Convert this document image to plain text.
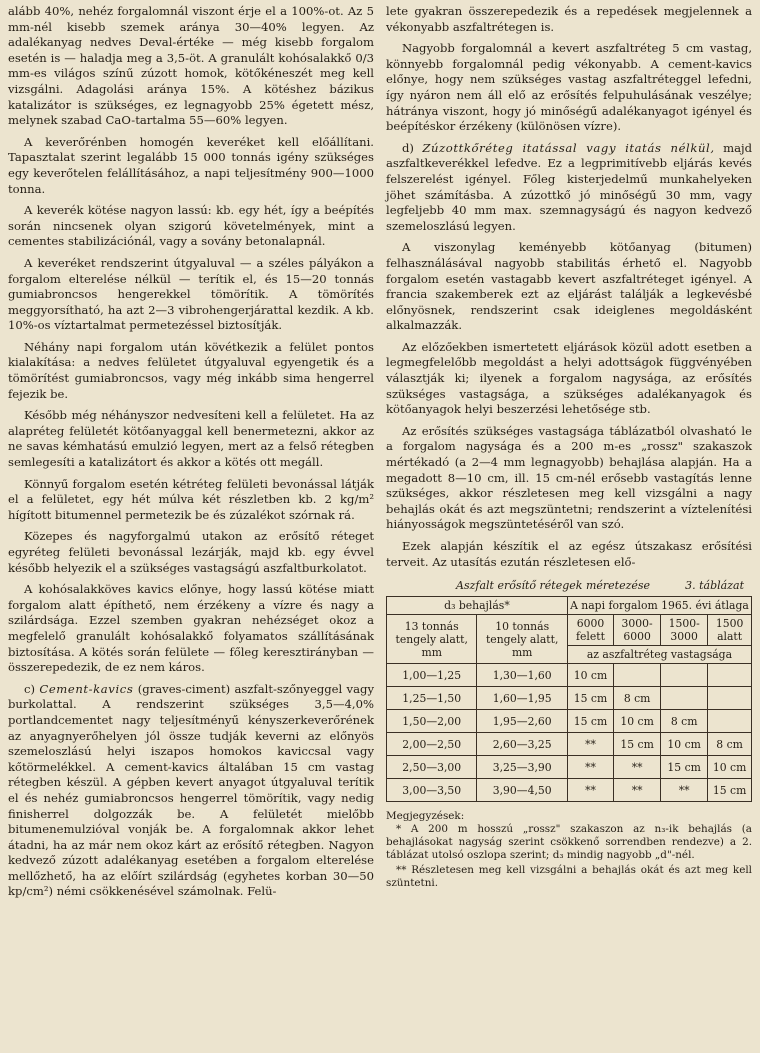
alább 40%, nehéz forgalomnál viszont érje el a 100%-ot. Az 5 mm-nél kisebb szemek aránya 30—40% legyen. Az adalékanyag nedves Deval-értéke — még kisebb forgalom esetén is — haladja meg a 3,5-öt. A granulált kohósalakkő 0/3 mm-es világos színű zúzott homok, kötőkéneszét meg kell vizsgálni. Adagolási aránya 15%. A kötéshez bázikus katalizátor is szükséges, ez legnagyobb 25% égetett mész, melynek szabad CaO-tartalma 55—60% legyen.

A keverőrénben homogén keveréket kell előállítani. Tapasztalat szerint legalább 15 000 tonnás igény szükséges egy keverőtelen felállításához, a napi teljesítmény 900—1000 tonna.

A keverék kötése nagyon lassú: kb. egy hét, így a beépítés során nincsenek olyan szigorú követelmények, mint a cementes stabilizációnál, vagy a sovány betonalapnál.

A keveréket rendszerint útgyaluval — a széles pályákon a forgalom elterelése nélkül — terítik el, és 15—20 tonnás gumiabroncsos hengerekkel tömörítik. A tömörítés meggyorsítható, ha azt 2—3 vibrohengerjárattal kezdik. A kb. 10%-os víztartalmat permetezéssel biztosítják.

Néhány napi forgalom után kövétkezik a felület pontos kialakítása: a nedves felületet útgyaluval egyengetik és a tömörítést gumiabroncsos, vagy még inkább sima hengerrel fejezik be.

Később még néhányszor nedvesíteni kell a felületet. Ha az alapréteg felületét kötőanyaggal kell benermetezni, akkor az ne savas kémhatású emulzió legyen, mert az a felső rétegben semlegesíti a katalizátort és akkor a kötés ott megáll.

Könnyű forgalom esetén kétréteg felületi bevonással látják el a felületet, egy hét múlva két részletben kb. 2 kg/m² hígított bitumennel permetezik be és zúzalékot szórnak rá.

Közepes és nagyforgalmú utakon az erősítő réteget egyréteg felületi bevonással lezárják, majd kb. egy évvel később helyezik el a szükséges vastagságú aszfaltburkolatot.

A kohósalakköves kavics előnye, hogy lassú kötése miatt forgalom alatt építhető, nem érzékeny a vízre és nagy a szilárdsága. Ezzel szemben gyakran nehézséget okoz a megfelelő granulált kohósalakkő folyamatos szállításának biztosítása. A kötés során felülete — főleg keresztirányban — összerepedezik, de ez nem káros.

c) Cement-kavics (graves-ciment) aszfalt-szőnyeggel vagy burkolattal. A rendszerint szükséges 3,5—4,0% portlandcementet nagy teljesítményű kényszerkeverőrének az anyagnyerőhelyen jól össze tudják keverni az előnyös szemeloszlású helyi iszapos homokos kaviccsal vagy kőtörmelékkel. A cement-kavics általában 15 cm vastag rétegben készül. A gépben kevert anyagot útgyaluval terítik el és nehéz gumiabroncsos hengerrel tömörítik, vagy nedig finisherrel dolgozzák be. A felületét mielőbb bitumenemulzióval vonják be. A forgalomnak akkor lehet átadni, ha az már nem okoz kárt az erősítő rétegben. Nagyon kedvező zúzott adalékanyag esetében a forgalom elterelése mellőzhető, ha az előírt szilárdság (egyhetes korban 30—50 kp/cm²) némi csökkenésével számolnak. Felü-

lete gyakran összerepedezik és a repedések megjelennek a vékonyabb aszfaltrétegen is.

Nagyobb forgalomnál a kevert aszfaltréteg 5 cm vastag, könnyebb forgalomnál pedig vékonyabb. A cement-kavics előnye, hogy nem szükséges vastag aszfaltréteggel lefedni, így nyáron nem áll elő az erősítés felpuhulásának veszélye; hátránya viszont, hogy jó minőségű adalékanyagot igényel és beépítéskor érzékeny (különösen vízre).

d) Zúzottkőréteg itatással vagy itatás nélkül, majd aszfaltkeverékkel lefedve. Ez a legprimitívebb eljárás kevés felszerelést igényel. Főleg kisterjedelmű munkahelyeken jöhet számításba. A zúzottkő jó minőségű 30 mm, vagy legfeljebb 40 mm max. szemnagyságú és nagyon kedvező szemeloszlású legyen.

A viszonylag keményebb kötőanyag (bitumen) felhasználásával nagyobb stabilitás érhető el. Nagyobb forgalom esetén vastagabb kevert aszfaltréteget igényel. A francia szakemberek ezt az eljárást találják a legkevésbé előnyösnek, rendszerint csak ideiglenes megoldásként alkalmazzák.

Az előzőekben ismertetett eljárások közül adott esetben a legmegfelelőbb megoldást a helyi adottságok függvényében választják ki; ilyenek a forgalom nagysága, az erősítés szükséges vastagsága, a szükséges adalékanyagok és kötőanyagok helyi beszerzési lehetősége stb.

Az erősítés szükséges vastagsága táblázatból olvasható le a forgalom nagysága és a 200 m-es „rossz" szakaszok mértékadó (a 2—4 mm legnagyobb) behajlása alapján. Ha a megadott 8—10 cm, ill. 15 cm-nél erősebb vastagítás lenne szükséges, akkor részletesen meg kell vizsgálni a nagy behajlás okát és azt megszüntetni; rendszerint a víztelenítési hiányosságok megszüntetéséről van szó.

Ezek alapján készítik el az egész útszakasz erősítési terveit. Az utasítás ezután részletesen elő-

Aszfalt erősítő rétegek méretezése	3. táblázat
d₃ behajlás*		A napi forgalom 1965. évi átlaga			
13 tonnás tengely alatt, mm	10 tonnás tengely alatt, mm	6000 felett	3000-6000	1500-3000	1500 alatt
		az aszfaltréteg vastagsága			
1,00—1,25	1,30—1,60	10 cm			
1,25—1,50	1,60—1,95	15 cm	8 cm		
1,50—2,00	1,95—2,60	15 cm	10 cm	8 cm	
2,00—2,50	2,60—3,25	**	15 cm	10 cm	8 cm
2,50—3,00	3,25—3,90	**	**	15 cm	10 cm
3,00—3,50	3,90—4,50	**	**	**	15 cm

Megjegyzések:

* A 200 m hosszú „rossz" szakaszon az n₃-ik behajlás (a behajlásokat nagyság szerint csökkenő sorrendben rendezve) a 2. táblázat utolsó oszlopa szerint; d₃ mindig nagyobb „d"-nél.

** Részletesen meg kell vizsgálni a behajlás okát és azt meg kell szüntetni.
